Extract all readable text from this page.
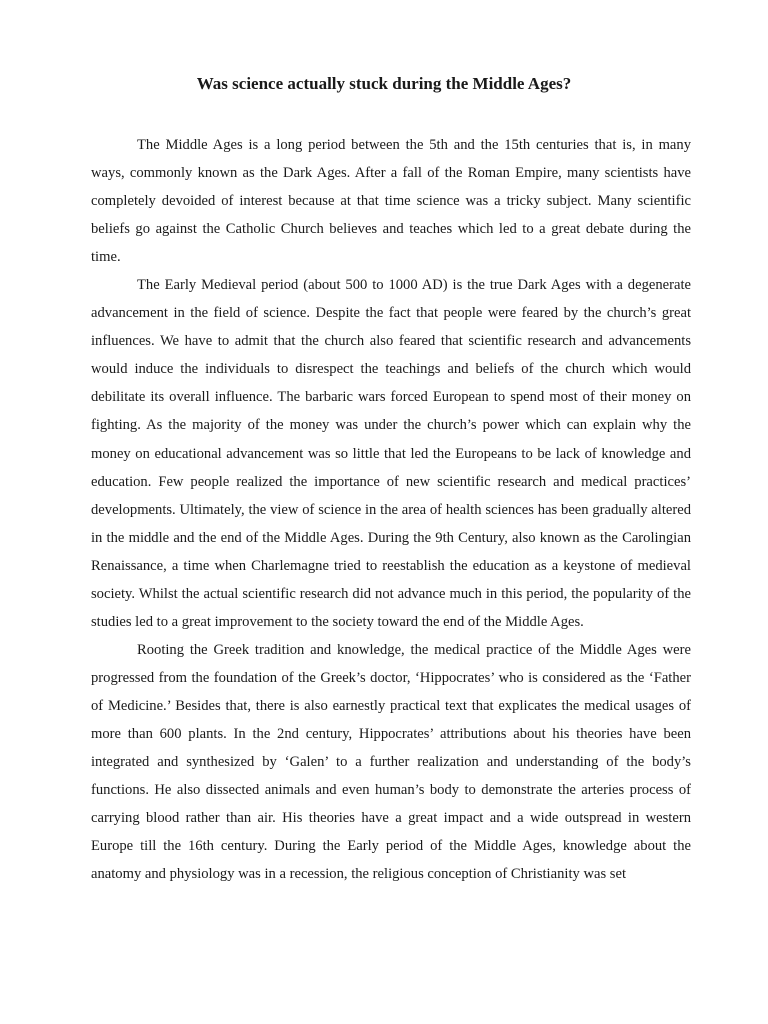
Was science actually stuck during the Middle Ages?

The Middle Ages is a long period between the 5th and the 15th centuries that is, in many ways, commonly known as the Dark Ages. After a fall of the Roman Empire, many scientists have completely devoided of interest because at that time science was a tricky subject. Many scientific beliefs go against the Catholic Church believes and teaches which led to a great debate during the time.

The Early Medieval period (about 500 to 1000 AD) is the true Dark Ages with a degenerate advancement in the field of science. Despite the fact that people were feared by the church’s great influences. We have to admit that the church also feared that scientific research and advancements would induce the individuals to disrespect the teachings and beliefs of the church which would debilitate its overall influence. The barbaric wars forced European to spend most of their money on fighting. As the majority of the money was under the church’s power which can explain why the money on educational advancement was so little that led the Europeans to be lack of knowledge and education. Few people realized the importance of new scientific research and medical practices’ developments. Ultimately, the view of science in the area of health sciences has been gradually altered in the middle and the end of the Middle Ages. During the 9th Century, also known as the Carolingian Renaissance, a time when Charlemagne tried to reestablish the education as a keystone of medieval society. Whilst the actual scientific research did not advance much in this period, the popularity of the studies led to a great improvement to the society toward the end of the Middle Ages.

Rooting the Greek tradition and knowledge, the medical practice of the Middle Ages were progressed from the foundation of the Greek’s doctor, ‘Hippocrates’ who is considered as the ‘Father of Medicine.’ Besides that, there is also earnestly practical text that explicates the medical usages of more than 600 plants. In the 2nd century, Hippocrates’ attributions about his theories have been integrated and synthesized by ‘Galen’ to a further realization and understanding of the body’s functions. He also dissected animals and even human’s body to demonstrate the arteries process of carrying blood rather than air. His theories have a great impact and a wide outspread in western Europe till the 16th century. During the Early period of the Middle Ages, knowledge about the anatomy and physiology was in a recession, the religious conception of Christianity was set
